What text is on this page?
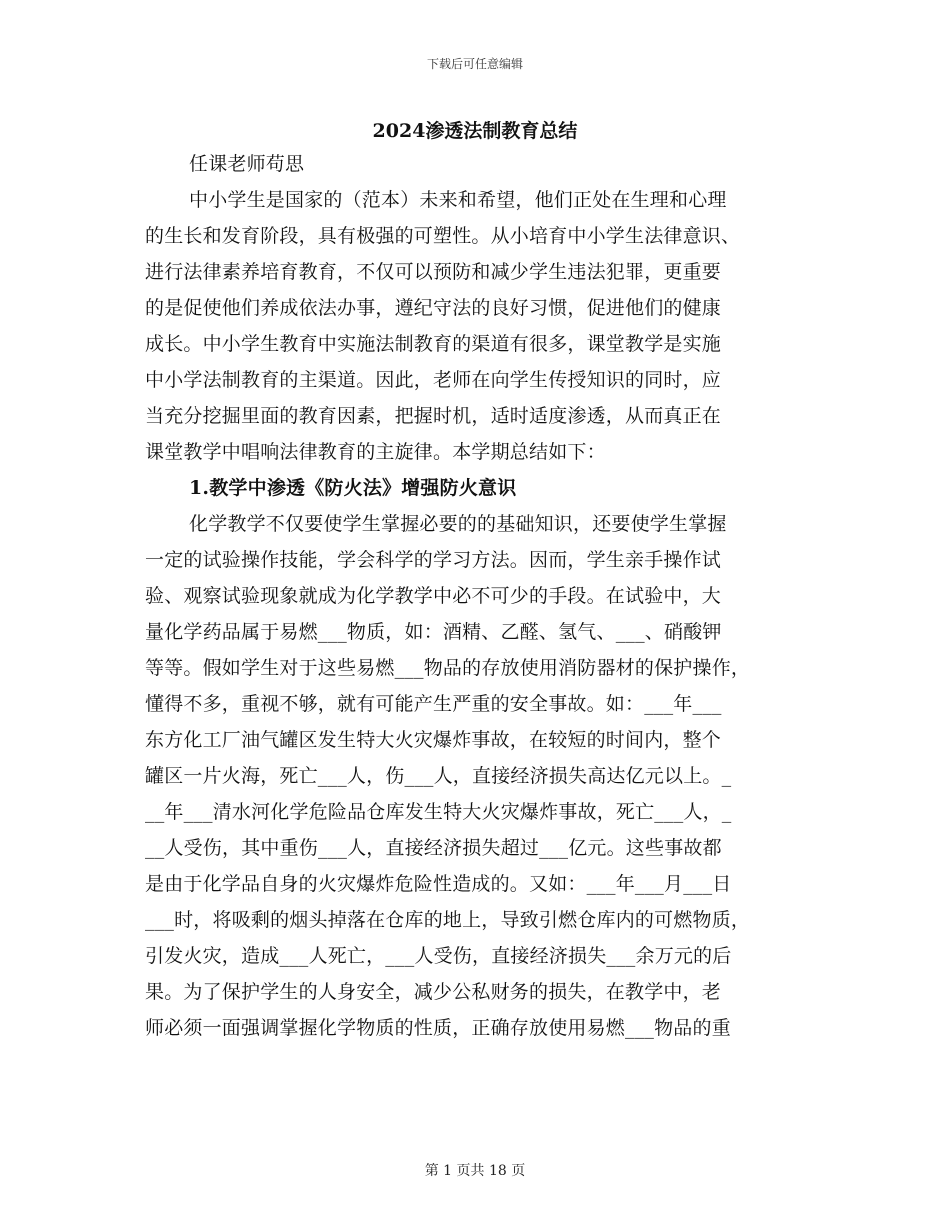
下载后可任意编辑
2024渗透法制教育总结
任课老师苟思
中小学生是国家的（范本）未来和希望，他们正处在生理和心理
的生长和发育阶段，具有极强的可塑性。从小培育中小学生法律意识、
进行法律素养培育教育，不仅可以预防和减少学生违法犯罪，更重要
的是促使他们养成依法办事，遵纪守法的良好习惯，促进他们的健康
成长。中小学生教育中实施法制教育的渠道有很多，课堂教学是实施
中小学法制教育的主渠道。因此，老师在向学生传授知识的同时，应
当充分挖掘里面的教育因素，把握时机，适时适度渗透，从而真正在
课堂教学中唱响法律教育的主旋律。本学期总结如下：
1.教学中渗透《防火法》增强防火意识
化学教学不仅要使学生掌握必要的的基础知识，还要使学生掌握
一定的试验操作技能，学会科学的学习方法。因而，学生亲手操作试
验、观察试验现象就成为化学教学中必不可少的手段。在试验中，大
量化学药品属于易燃___物质，如：酒精、乙醛、氢气、___、硝酸钾
等等。假如学生对于这些易燃___物品的存放使用消防器材的保护操作，
懂得不多，重视不够，就有可能产生严重的安全事故。如：___年___
东方化工厂油气罐区发生特大火灾爆炸事故，在较短的时间内，整个
罐区一片火海，死亡___人，伤___人，直接经济损失高达亿元以上。_
__年___清水河化学危险品仓库发生特大火灾爆炸事故，死亡___人，_
__人受伤，其中重伤___人，直接经济损失超过___亿元。这些事故都
是由于化学品自身的火灾爆炸危险性造成的。又如：___年___月___日
___时，将吸剩的烟头掉落在仓库的地上，导致引燃仓库内的可燃物质，
引发火灾，造成___人死亡，___人受伤，直接经济损失___余万元的后
果。为了保护学生的人身安全，减少公私财务的损失，在教学中，老
师必须一面强调掌握化学物质的性质，正确存放使用易燃___物品的重
第 1 页共 18 页
